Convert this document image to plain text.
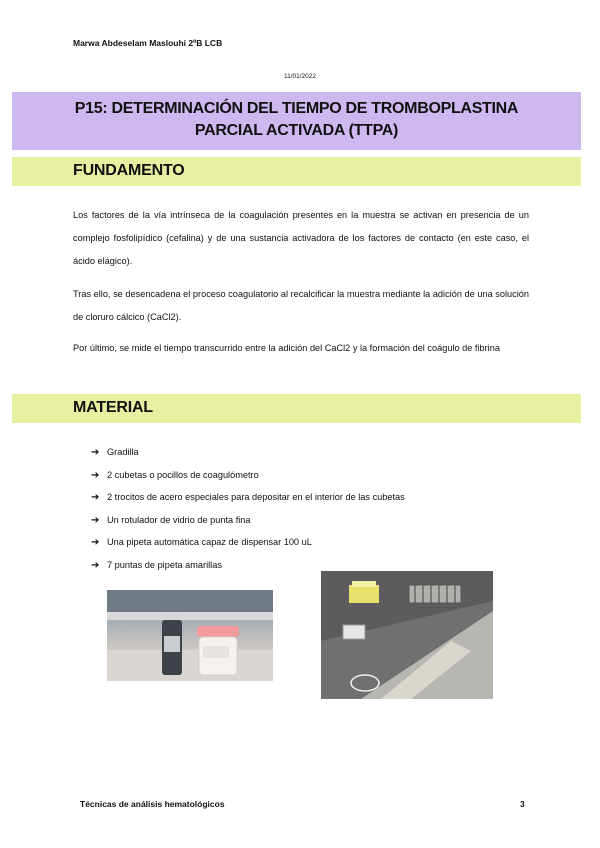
Marwa Abdeselam Maslouhi 2ºB LCB
11/01/2022
P15: DETERMINACIÓN DEL TIEMPO DE TROMBOPLASTINA
PARCIAL ACTIVADA (TTPA)
FUNDAMENTO

Los factores de la vía intrínseca de la coagulación presentes en la muestra se activan en presencia de un complejo fosfolipídico (cefalina) y de una sustancia activadora de los factores de contacto (en este caso, el ácido elágico).

Tras ello, se desencadena el proceso coagulatorio al recalcificar la muestra mediante la adición de una solución de cloruro cálcico (CaCl2).

Por último, se mide el tiempo transcurrido entre la adición del CaCl2 y la formación del coágulo de fibrina

MATERIAL
➔ Gradilla
➔ 2 cubetas o pocillos de coagulómetro
➔ 2 trocitos de acero especiales para depositar en el interior de las cubetas
➔ Un rotulador de vidrio de punta fina
➔ Una pipeta automática capaz de dispensar 100 uL
➔ 7 puntas de pipeta amarillas
Técnicas de análisis hematológicos	3
